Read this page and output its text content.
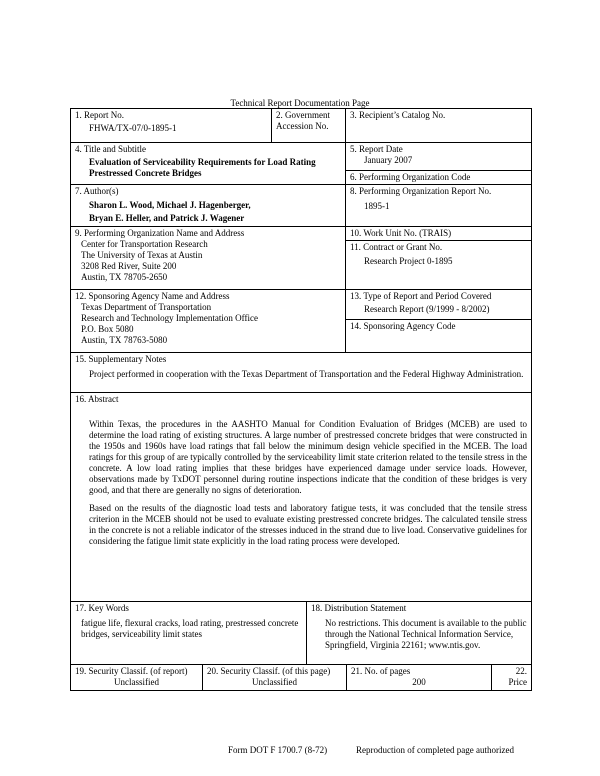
Technical Report Documentation Page
1. Report No.
FHWA/TX-07/0-1895-1
2. Government Accession No.
3. Recipient’s Catalog No.
4. Title and Subtitle
Evaluation of Serviceability Requirements for Load Rating Prestressed Concrete Bridges
5. Report Date
January 2007
6. Performing Organization Code
7. Author(s)
Sharon L. Wood, Michael J. Hagenberger,
Bryan E. Heller, and Patrick J. Wagener
8. Performing Organization Report No.
1895-1
9. Performing Organization Name and Address
Center for Transportation Research
The University of Texas at Austin
3208 Red River, Suite 200
Austin, TX 78705-2650
10. Work Unit No. (TRAIS)
11. Contract or Grant No.
Research Project 0-1895
12. Sponsoring Agency Name and Address
Texas Department of Transportation
Research and Technology Implementation Office
P.O. Box 5080
Austin, TX 78763-5080
13. Type of Report and Period Covered
Research Report (9/1999 - 8/2002)
14. Sponsoring Agency Code
15. Supplementary Notes
Project performed in cooperation with the Texas Department of Transportation and the Federal Highway Administration.
16. Abstract

Within Texas, the procedures in the AASHTO Manual for Condition Evaluation of Bridges (MCEB) are used to determine the load rating of existing structures. A large number of prestressed concrete bridges that were constructed in the 1950s and 1960s have load ratings that fall below the minimum design vehicle specified in the MCEB. The load ratings for this group of are typically controlled by the serviceability limit state criterion related to the tensile stress in the concrete. A low load rating implies that these bridges have experienced damage under service loads. However, observations made by TxDOT personnel during routine inspections indicate that the condition of these bridges is very good, and that there are generally no signs of deterioration.

Based on the results of the diagnostic load tests and laboratory fatigue tests, it was concluded that the tensile stress criterion in the MCEB should not be used to evaluate existing prestressed concrete bridges. The calculated tensile stress in the concrete is not a reliable indicator of the stresses induced in the strand due to live load. Conservative guidelines for considering the fatigue limit state explicitly in the load rating process were developed.

17. Key Words
fatigue life, flexural cracks, load rating, prestressed concrete bridges, serviceability limit states
18. Distribution Statement
No restrictions. This document is available to the public through the National Technical Information Service, Springfield, Virginia 22161; www.ntis.gov.
19. Security Classif. (of report)
Unclassified
20. Security Classif. (of this page)
Unclassified
21. No. of pages
200
22. Price
Form DOT F 1700.7 (8-72)	Reproduction of completed page authorized
